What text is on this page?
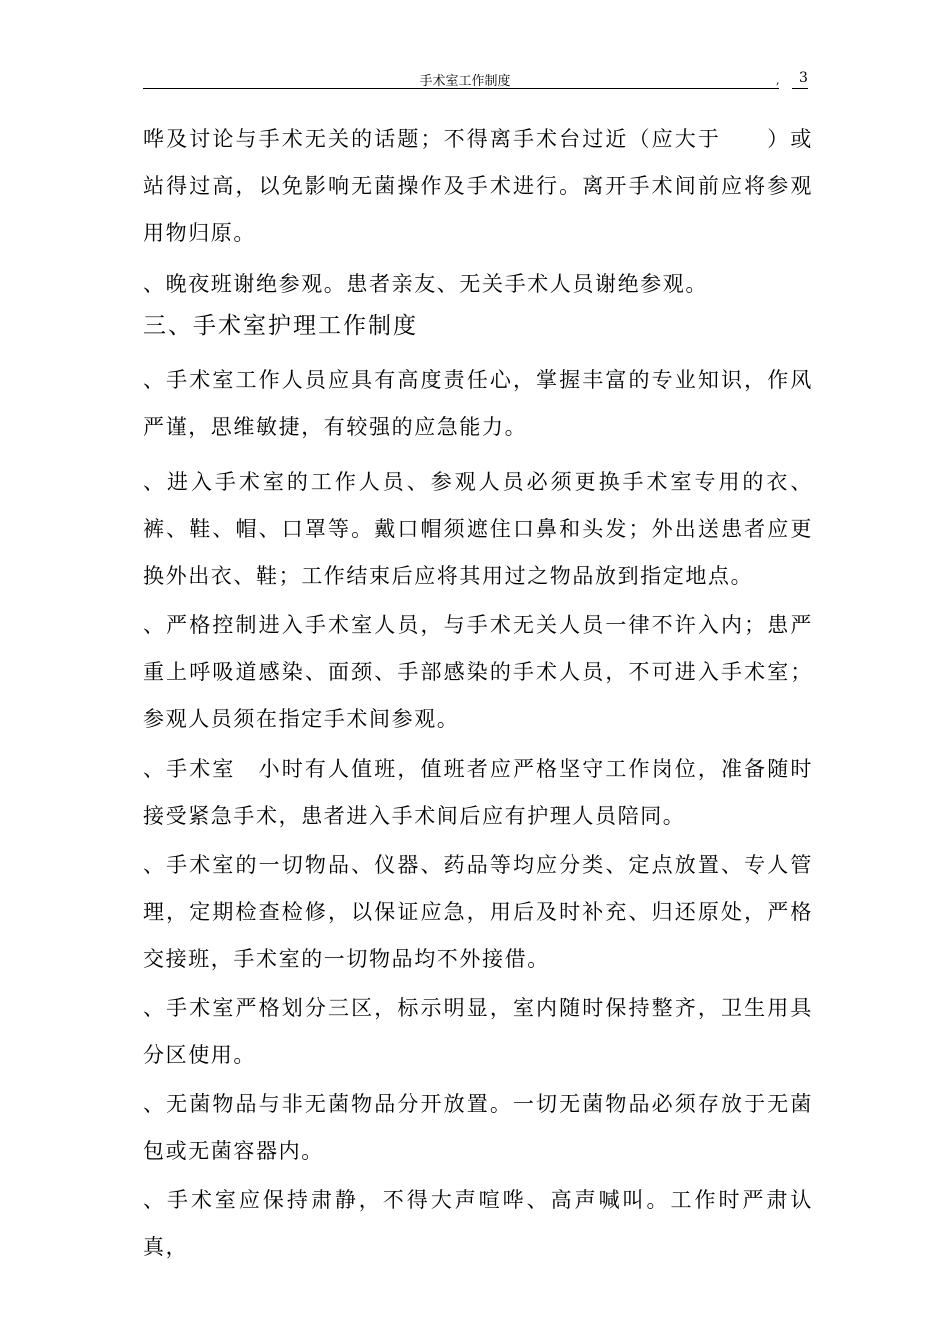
手术室工作制度	, 3

哗及讨论与手术无关的话题；不得离手术台过近（应大于　　）或站得过高，以免影响无菌操作及手术进行。离开手术间前应将参观用物归原。

、晚夜班谢绝参观。患者亲友、无关手术人员谢绝参观。

三、手术室护理工作制度

、手术室工作人员应具有高度责任心，掌握丰富的专业知识，作风严谨，思维敏捷，有较强的应急能力。

、进入手术室的工作人员、参观人员必须更换手术室专用的衣、裤、鞋、帽、口罩等。戴口帽须遮住口鼻和头发；外出送患者应更换外出衣、鞋；工作结束后应将其用过之物品放到指定地点。

、严格控制进入手术室人员，与手术无关人员一律不许入内；患严重上呼吸道感染、面颈、手部感染的手术人员，不可进入手术室；参观人员须在指定手术间参观。

、手术室　小时有人值班，值班者应严格坚守工作岗位，准备随时接受紧急手术，患者进入手术间后应有护理人员陪同。

、手术室的一切物品、仪器、药品等均应分类、定点放置、专人管理，定期检查检修，以保证应急，用后及时补充、归还原处，严格交接班，手术室的一切物品均不外接借。

、手术室严格划分三区，标示明显，室内随时保持整齐，卫生用具分区使用。

、无菌物品与非无菌物品分开放置。一切无菌物品必须存放于无菌包或无菌容器内。

、手术室应保持肃静，不得大声喧哗、高声喊叫。工作时严肃认真，
